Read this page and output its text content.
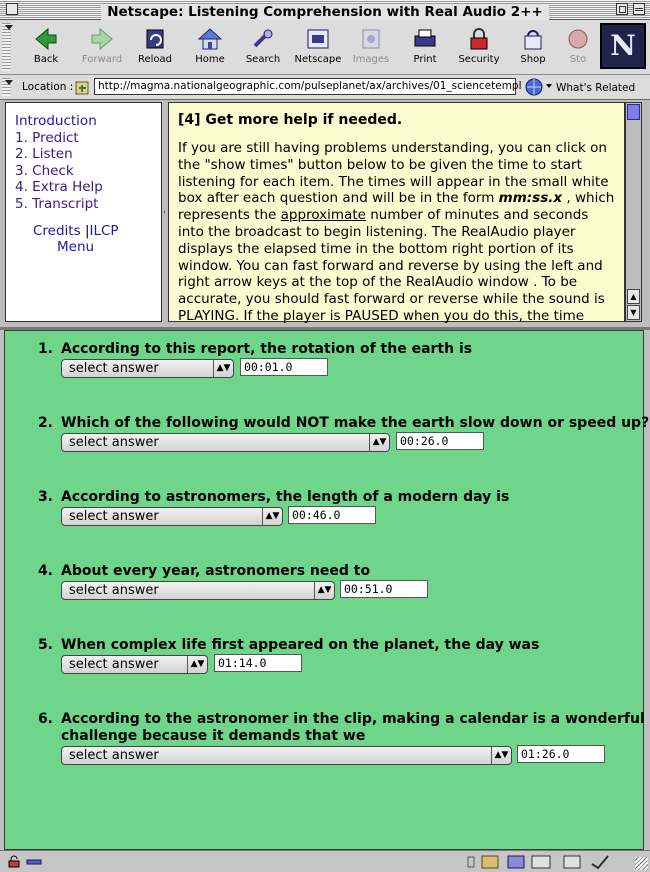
Netscape: Listening Comprehension with Real Audio 2++
Back	Forward	Reload	Home	Search	Netscape	Images	Print	Security	Shop	Sto N
Location :	http://magma.nationalgeographic.com/pulseplanet/ax/archives/01_sciencetempl	What's Related
Introduction
1. Predict
2. Listen
3. Check
4. Extra Help
5. Transcript
Credits |ILCP
Menu
›
[4] Get more help if needed.

If you are still having problems understanding, you can click on the "show times" button below to be given the time to start listening for each item. The times will appear in the small white box after each question and will be in the form mm:ss.x , which represents the approximate number of minutes and seconds into the broadcast to begin listening. The RealAudio player displays the elapsed time in the bottom right portion of its window. You can fast forward and reverse by using the left and right arrow keys at the top of the RealAudio window . To be accurate, you should fast forward or reverse while the sound is PLAYING. If the player is PAUSED when you do this, the time

▲
▼
1. According to this report, the rotation of the earth is
select answer	▲▼	00:01.0
2. Which of the following would NOT make the earth slow down or speed up?
select answer	▲▼	00:26.0
3. According to astronomers, the length of a modern day is
select answer	▲▼	00:46.0
4. About every year, astronomers need to
select answer	▲▼	00:51.0
5. When complex life first appeared on the planet, the day was
select answer	▲▼	01:14.0
6. According to the astronomer in the clip, making a calendar is a wonderful
challenge because it demands that we
select answer	▲▼	01:26.0
